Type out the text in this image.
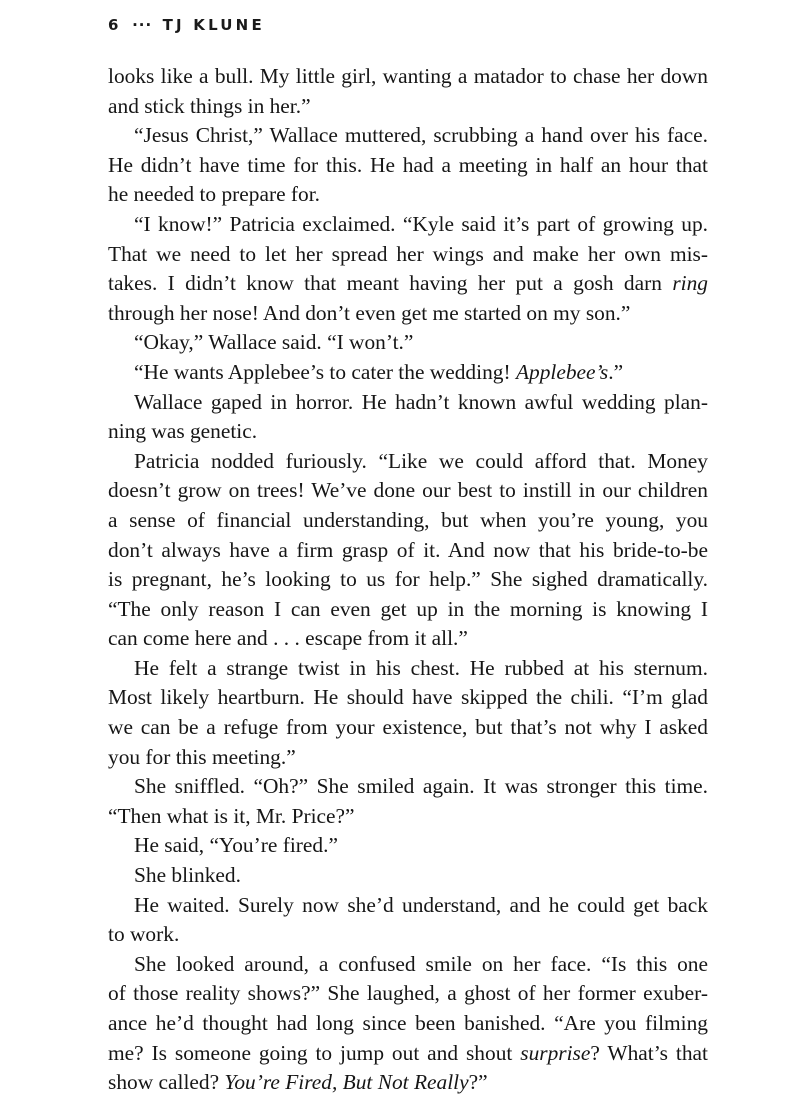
6 ··· TJ KLUNE
looks like a bull. My little girl, wanting a matador to chase her down
and stick things in her.”
“Jesus Christ,” Wallace muttered, scrubbing a hand over his face.
He didn’t have time for this. He had a meeting in half an hour that
he needed to prepare for.
“I know!” Patricia exclaimed. “Kyle said it’s part of growing up.
That we need to let her spread her wings and make her own mis-
takes. I didn’t know that meant having her put a gosh darn ring
through her nose! And don’t even get me started on my son.”
“Okay,” Wallace said. “I won’t.”
“He wants Applebee’s to cater the wedding! Applebee’s.”
Wallace gaped in horror. He hadn’t known awful wedding plan-
ning was genetic.
Patricia nodded furiously. “Like we could afford that. Money
doesn’t grow on trees! We’ve done our best to instill in our children
a sense of financial understanding, but when you’re young, you
don’t always have a firm grasp of it. And now that his bride-to-be
is pregnant, he’s looking to us for help.” She sighed dramatically.
“The only reason I can even get up in the morning is knowing I
can come here and . . . escape from it all.”
He felt a strange twist in his chest. He rubbed at his sternum.
Most likely heartburn. He should have skipped the chili. “I’m glad
we can be a refuge from your existence, but that’s not why I asked
you for this meeting.”
She sniffled. “Oh?” She smiled again. It was stronger this time.
“Then what is it, Mr. Price?”
He said, “You’re fired.”
She blinked.
He waited. Surely now she’d understand, and he could get back
to work.
She looked around, a confused smile on her face. “Is this one
of those reality shows?” She laughed, a ghost of her former exuber-
ance he’d thought had long since been banished. “Are you filming
me? Is someone going to jump out and shout surprise? What’s that
show called? You’re Fired, But Not Really?”
